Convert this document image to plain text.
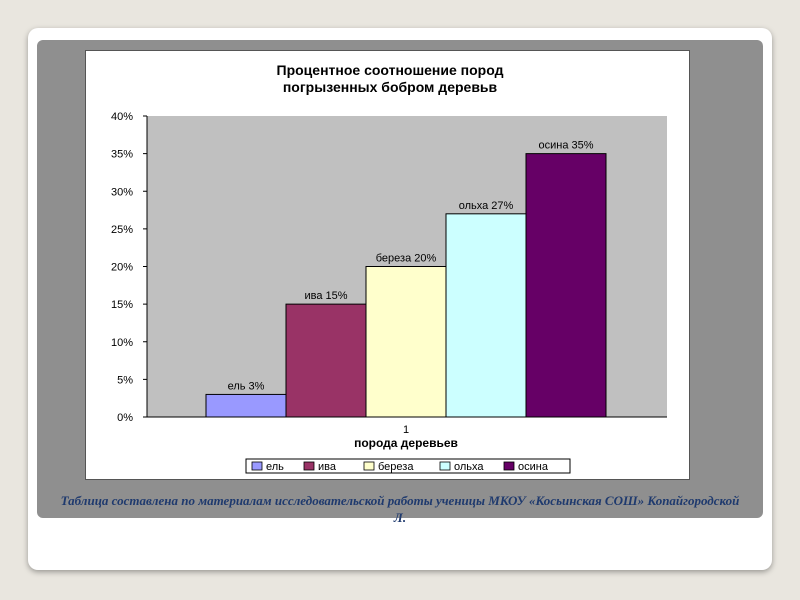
Процентное соотношение пород
погрызенных бобром деревьв
0%
5%
10%
15%
20%
25%
30%
35%
40%
ель 3%
ива 15%
береза 20%
ольха 27%
осина 35%
1
порода деревьев
ель	ива	береза	ольха	осина
Таблица составлена по материалам исследовательской работы ученицы МКОУ «Косьинская СОШ» Копайгородской Л.
